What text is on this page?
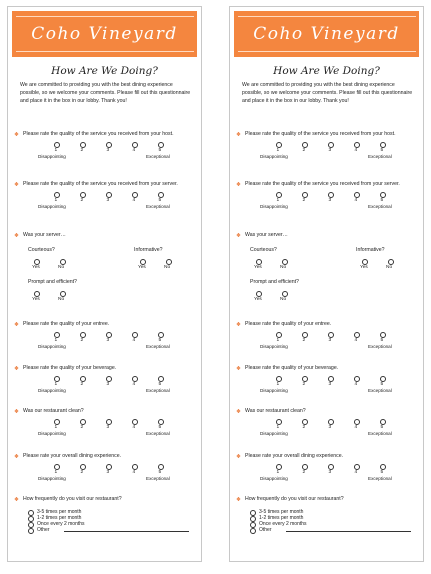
Coho Vineyard
How Are We Doing?
We are committed to providing you with the best dining experience possible, so we welcome your comments. Please fill out this questionnaire and place it in the box in our lobby. Thank you!
❖ Please rate the quality of the service you received from your host.
1	2	3	4	5
Disappointing	Exceptional
❖ Please rate the quality of the service you received from your server.
1	2	3	4	5
Disappointing	Exceptional
❖ Was your server…
Courteous?	Informative?
Yes	No	Yes	No
Prompt and efficient?
Yes	No
❖ Please rate the quality of your entree.
1	2	3	4	5
Disappointing	Exceptional
❖ Please rate the quality of your beverage.
1	2	3	4	5
Disappointing	Exceptional
❖ Was our restaurant clean?
1	2	3	4	5
Disappointing	Exceptional
❖ Please rate your overall dining experience.
1	2	3	4	5
Disappointing	Exceptional
❖ How frequently do you visit our restaurant?
3-5 times per month
1-2 times per month
Once every 2 months
Other
Coho Vineyard
How Are We Doing?
We are committed to providing you with the best dining experience possible, so we welcome your comments. Please fill out this questionnaire and place it in the box in our lobby. Thank you!
❖ Please rate the quality of the service you received from your host.
1	2	3	4	5
Disappointing	Exceptional
❖ Please rate the quality of the service you received from your server.
1	2	3	4	5
Disappointing	Exceptional
❖ Was your server…
Courteous?	Informative?
Yes	No	Yes	No
Prompt and efficient?
Yes	No
❖ Please rate the quality of your entree.
1	2	3	4	5
Disappointing	Exceptional
❖ Please rate the quality of your beverage.
1	2	3	4	5
Disappointing	Exceptional
❖ Was our restaurant clean?
1	2	3	4	5
Disappointing	Exceptional
❖ Please rate your overall dining experience.
1	2	3	4	5
Disappointing	Exceptional
❖ How frequently do you visit our restaurant?
3-5 times per month
1-2 times per month
Once every 2 months
Other
